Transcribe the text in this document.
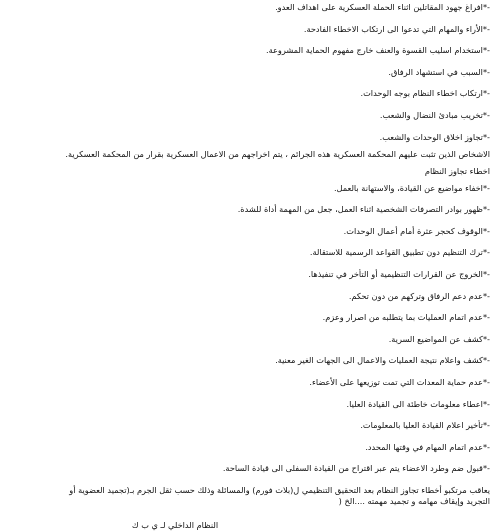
-*افراغ جهود المقاتلين اثناء الحملة العسكرية على اهداف العدو.

-*الأراء والمهام التي تدعوا الى ارتكاب الاخطاء الفادحة.

-*استخدام اسليب القسوة والعنف خارج مفهوم الحماية المشروعة.

-*السبب في استشهاد الرفاق.

-*ارتكاب اخطاء النظام بوجه الوحدات.

-*تخريب مبادئ النضال والشعب.

-*تجاوز اخلاق الوحدات والشعب.

الاشخاص الذين تثبت عليهم المحكمة العسكرية هذه الجرائم ، يتم اخراجهم من الاعمال العسكرية بقرار من المحكمة العسكرية.

اخطاء تجاوز النظام

-*اخفاء مواضيع عن القيادة، والاستهانة بالعمل.

-*ظهور بوادر التصرفات الشخصية اثناء العمل، جعل من المهمة أداة للشدة.

-*الوقوف كحجر عثرة أمام أعمال الوحدات.

-*ترك التنظيم دون تطبيق القواعد الرسمية للاستقالة.

-*الخروج عن القرارات التنظيمية أو التأخر في تنفيذها.

-*عدم دعم الرفاق وتركهم من دون تحكم.

-*عدم اتمام العمليات بما يتطلبه من اصرار وعزم.

-*كشف عن المواضيع السرية.

-*كشف واعلام نتيجة العمليات والاعمال الى الجهات الغير معنية.

-*عدم حماية المعدات التي تمت توزيعها على الأعضاء.

-*اعطاء معلومات خاطئة الى القيادة العليا.

-*تأخير اعلام القيادة العليا بالمعلومات.

-*عدم اتمام المهام في وقتها المحدد.

-*قبول ضم وطرد الاعضاء يتم عبر اقتراح من القيادة السفلى الى قيادة الساحة.

يعاقب مرتكبو أخطاء تجاوز النظام بعد التحقيق التنظيمي ل(بلات فورم) والمسائلة وذلك حسب ثقل الجرم بـ(تجميد العضوية أو

التجريد وإيقاف مهامه و تجميد مهمته ....الخ (

النظام الداخلي لـ ي ب ك
